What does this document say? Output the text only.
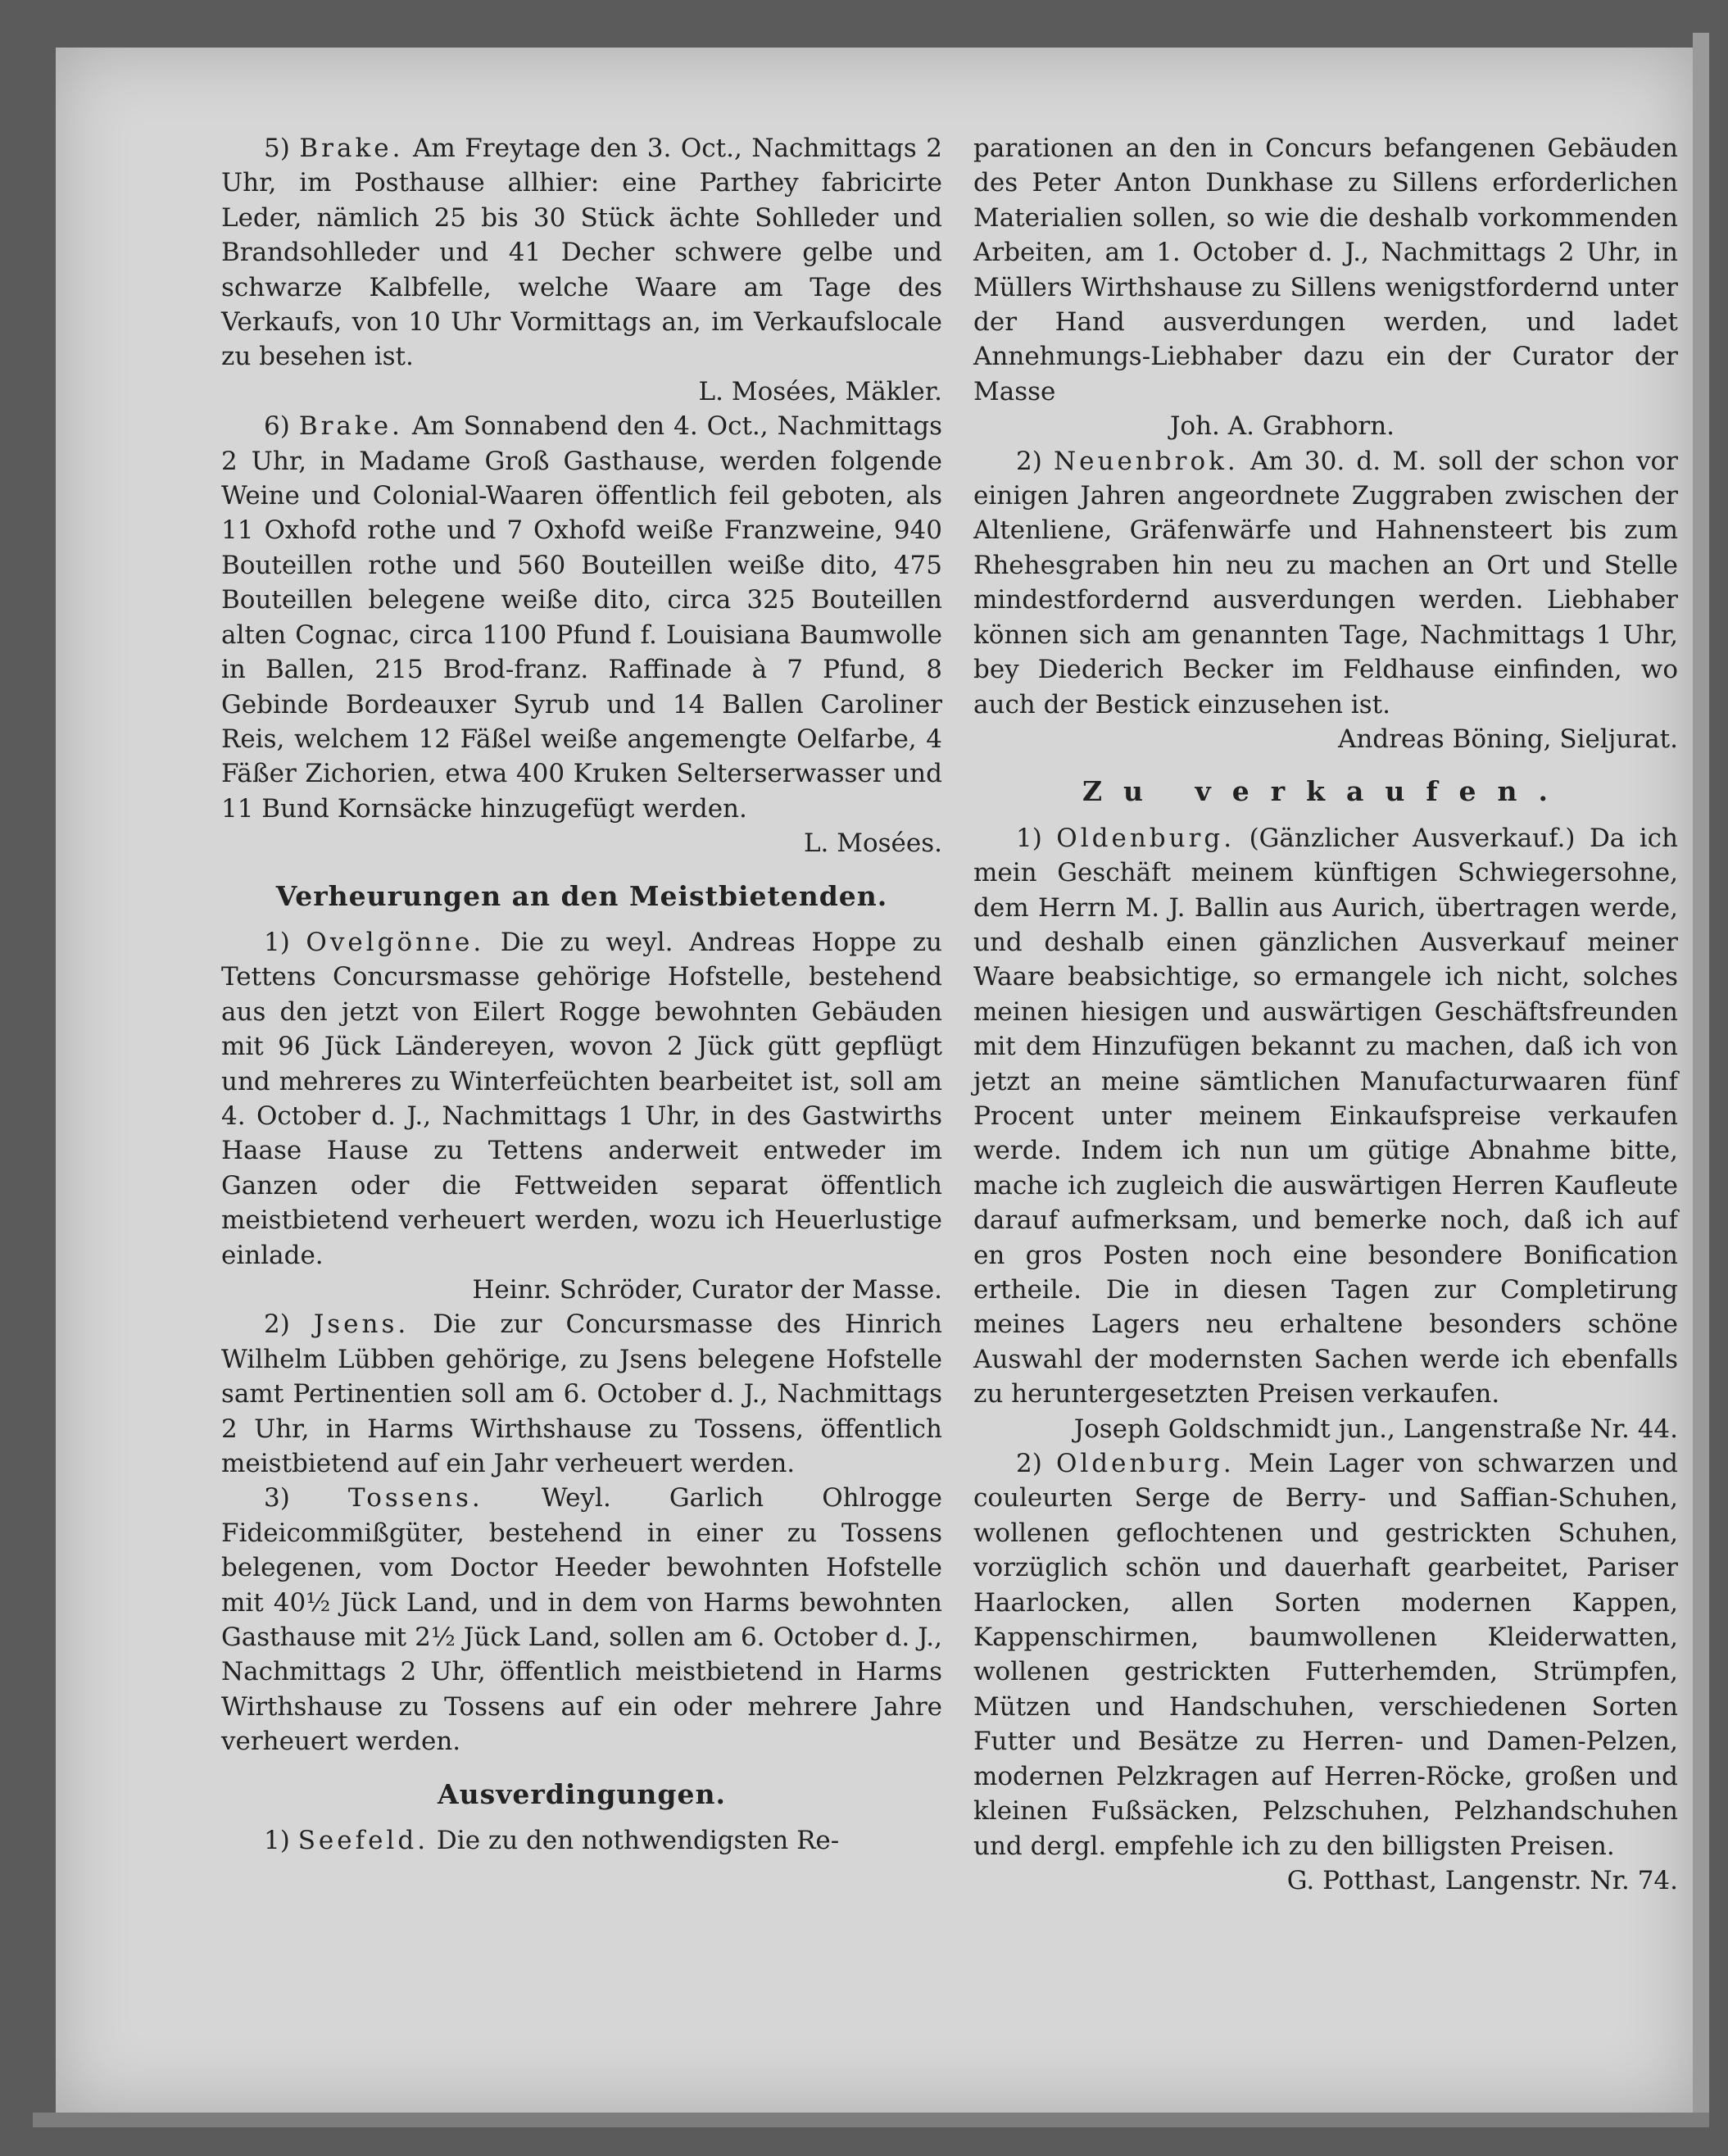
5) Brake. Am Freytage den 3. Oct., Nachmittags 2 Uhr, im Posthause allhier: eine Parthey fabricirte Leder, nämlich 25 bis 30 Stück ächte Sohlleder und Brandsohlleder und 41 Decher schwere gelbe und schwarze Kalbfelle, welche Waare am Tage des Verkaufs, von 10 Uhr Vormittags an, im Verkaufslocale zu besehen ist.

L. Mosées, Mäkler.

6) Brake. Am Sonnabend den 4. Oct., Nachmittags 2 Uhr, in Madame Groß Gasthause, werden folgende Weine und Colonial-Waaren öffentlich feil geboten, als 11 Oxhofd rothe und 7 Oxhofd weiße Franzweine, 940 Bouteillen rothe und 560 Bouteillen weiße dito, 475 Bouteillen belegene weiße dito, circa 325 Bouteillen alten Cognac, circa 1100 Pfund f. Louisiana Baumwolle in Ballen, 215 Brod-franz. Raffinade à 7 Pfund, 8 Gebinde Bordeauxer Syrub und 14 Ballen Caroliner Reis, welchem 12 Fäßel weiße angemengte Oelfarbe, 4 Fäßer Zichorien, etwa 400 Kruken Selterserwasser und 11 Bund Kornsäcke hinzugefügt werden.

L. Mosées.

Verheurungen an den Meistbietenden.

1) Ovelgönne. Die zu weyl. Andreas Hoppe zu Tettens Concursmasse gehörige Hofstelle, bestehend aus den jetzt von Eilert Rogge bewohnten Gebäuden mit 96 Jück Ländereyen, wovon 2 Jück gütt gepflügt und mehreres zu Winterfeüchten bearbeitet ist, soll am 4. October d. J., Nachmittags 1 Uhr, in des Gastwirths Haase Hause zu Tettens anderweit entweder im Ganzen oder die Fettweiden separat öffentlich meistbietend verheuert werden, wozu ich Heuerlustige einlade.

Heinr. Schröder, Curator der Masse.

2) Jsens. Die zur Concursmasse des Hinrich Wilhelm Lübben gehörige, zu Jsens belegene Hofstelle samt Pertinentien soll am 6. October d. J., Nachmittags 2 Uhr, in Harms Wirthshause zu Tossens, öffentlich meistbietend auf ein Jahr verheuert werden.

3) Tossens. Weyl. Garlich Ohlrogge Fideicommißgüter, bestehend in einer zu Tossens belegenen, vom Doctor Heeder bewohnten Hofstelle mit 40½ Jück Land, und in dem von Harms bewohnten Gasthause mit 2½ Jück Land, sollen am 6. October d. J., Nachmittags 2 Uhr, öffentlich meistbietend in Harms Wirthshause zu Tossens auf ein oder mehrere Jahre verheuert werden.

Ausverdingungen.

1) Seefeld. Die zu den nothwendigsten Re-

parationen an den in Concurs befangenen Gebäuden des Peter Anton Dunkhase zu Sillens erforderlichen Materialien sollen, so wie die deshalb vorkommenden Arbeiten, am 1. October d. J., Nachmittags 2 Uhr, in Müllers Wirthshause zu Sillens wenigstfordernd unter der Hand ausverdungen werden, und ladet Annehmungs-Liebhaber dazu ein der Curator der Masse

Joh. A. Grabhorn.

2) Neuenbrok. Am 30. d. M. soll der schon vor einigen Jahren angeordnete Zuggraben zwischen der Altenliene, Gräfenwärfe und Hahnensteert bis zum Rhehesgraben hin neu zu machen an Ort und Stelle mindestfordernd ausverdungen werden. Liebhaber können sich am genannten Tage, Nachmittags 1 Uhr, bey Diederich Becker im Feldhause einfinden, wo auch der Bestick einzusehen ist.

Andreas Böning, Sieljurat.

Zu verkaufen.

1) Oldenburg. (Gänzlicher Ausverkauf.) Da ich mein Geschäft meinem künftigen Schwiegersohne, dem Herrn M. J. Ballin aus Aurich, übertragen werde, und deshalb einen gänzlichen Ausverkauf meiner Waare beabsichtige, so ermangele ich nicht, solches meinen hiesigen und auswärtigen Geschäftsfreunden mit dem Hinzufügen bekannt zu machen, daß ich von jetzt an meine sämtlichen Manufacturwaaren fünf Procent unter meinem Einkaufspreise verkaufen werde. Indem ich nun um gütige Abnahme bitte, mache ich zugleich die auswärtigen Herren Kaufleute darauf aufmerksam, und bemerke noch, daß ich auf en gros Posten noch eine besondere Bonification ertheile. Die in diesen Tagen zur Completirung meines Lagers neu erhaltene besonders schöne Auswahl der modernsten Sachen werde ich ebenfalls zu heruntergesetzten Preisen verkaufen.

Joseph Goldschmidt jun., Langenstraße Nr. 44.

2) Oldenburg. Mein Lager von schwarzen und couleurten Serge de Berry- und Saffian-Schuhen, wollenen geflochtenen und gestrickten Schuhen, vorzüglich schön und dauerhaft gearbeitet, Pariser Haarlocken, allen Sorten modernen Kappen, Kappenschirmen, baumwollenen Kleiderwatten, wollenen gestrickten Futterhemden, Strümpfen, Mützen und Handschuhen, verschiedenen Sorten Futter und Besätze zu Herren- und Damen-Pelzen, modernen Pelzkragen auf Herren-Röcke, großen und kleinen Fußsäcken, Pelzschuhen, Pelzhandschuhen und dergl. empfehle ich zu den billigsten Preisen.

G. Potthast, Langenstr. Nr. 74.
